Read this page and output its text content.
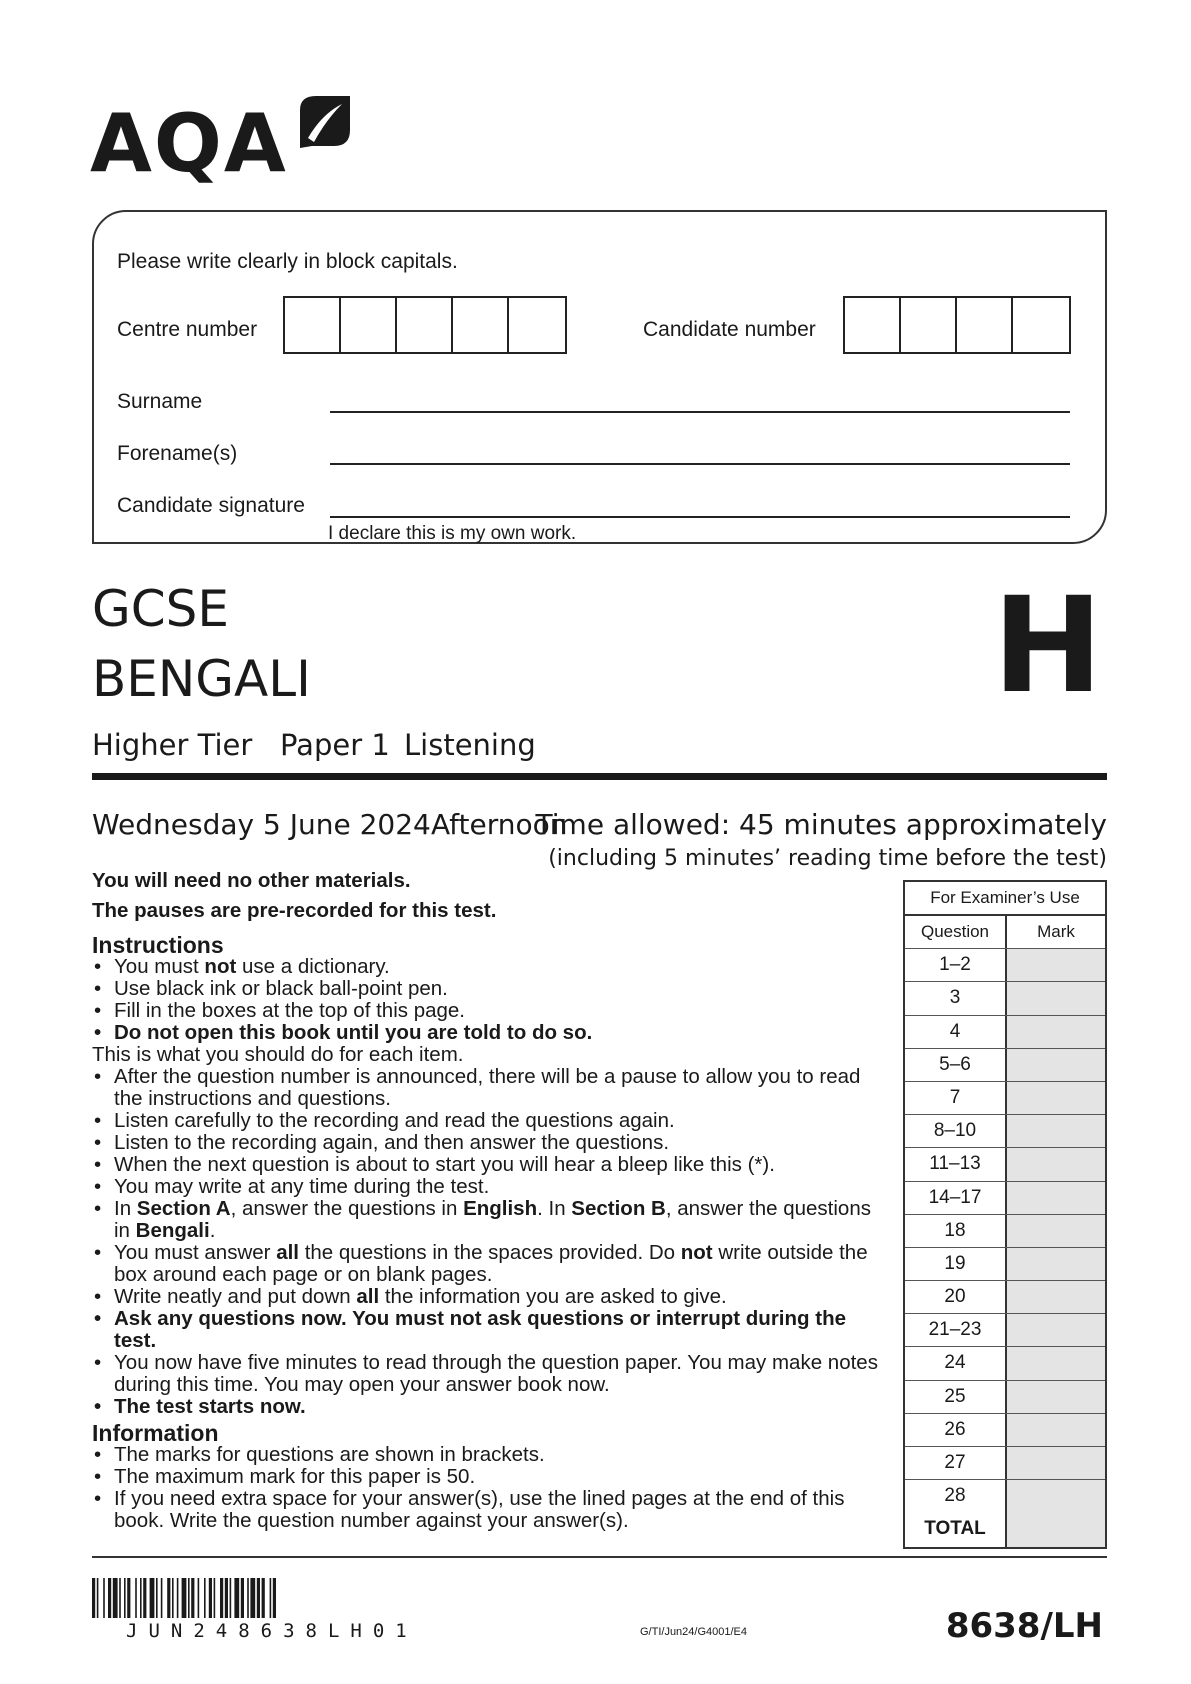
AQA
Please write clearly in block capitals.
Centre number	Candidate number
Surname
Forename(s)
Candidate signature
I declare this is my own work.
GCSE
BENGALI	H
Higher Tier Paper 1 Listening
Wednesday 5 June 2024 Afternoon
Time allowed: 45 minutes approximately
(including 5 minutes’ reading time before the test)

You will need no other materials.

The pauses are pre-recorded for this test.

Instructions

• You must not use a dictionary.
• Use black ink or black ball-point pen.
• Fill in the boxes at the top of this page.
• Do not open this book until you are told to do so.

This is what you should do for each item.

• After the question number is announced, there will be a pause to allow you to read the instructions and questions.
• Listen carefully to the recording and read the questions again.
• Listen to the recording again, and then answer the questions.
• When the next question is about to start you will hear a bleep like this (*).
• You may write at any time during the test.
• In Section A, answer the questions in English. In Section B, answer the questions in Bengali.
• You must answer all the questions in the spaces provided. Do not write outside the box around each page or on blank pages.
• Write neatly and put down all the information you are asked to give.
• Ask any questions now. You must not ask questions or interrupt during the test.
• You now have five minutes to read through the question paper. You may make notes during this time. You may open your answer book now.
• The test starts now.

Information

• The marks for questions are shown in brackets.
• The maximum mark for this paper is 50.
• If you need extra space for your answer(s), use the lined pages at the end of this book. Write the question number against your answer(s).
For Examiner’s Use
Question	Mark
1–2
3
4
5–6
7
8–10
11–13
14–17
18
19
20
21–23
24
25
26
27
28
TOTAL
JUN248638LH01	G/TI/Jun24/G4001/E4	8638/LH
